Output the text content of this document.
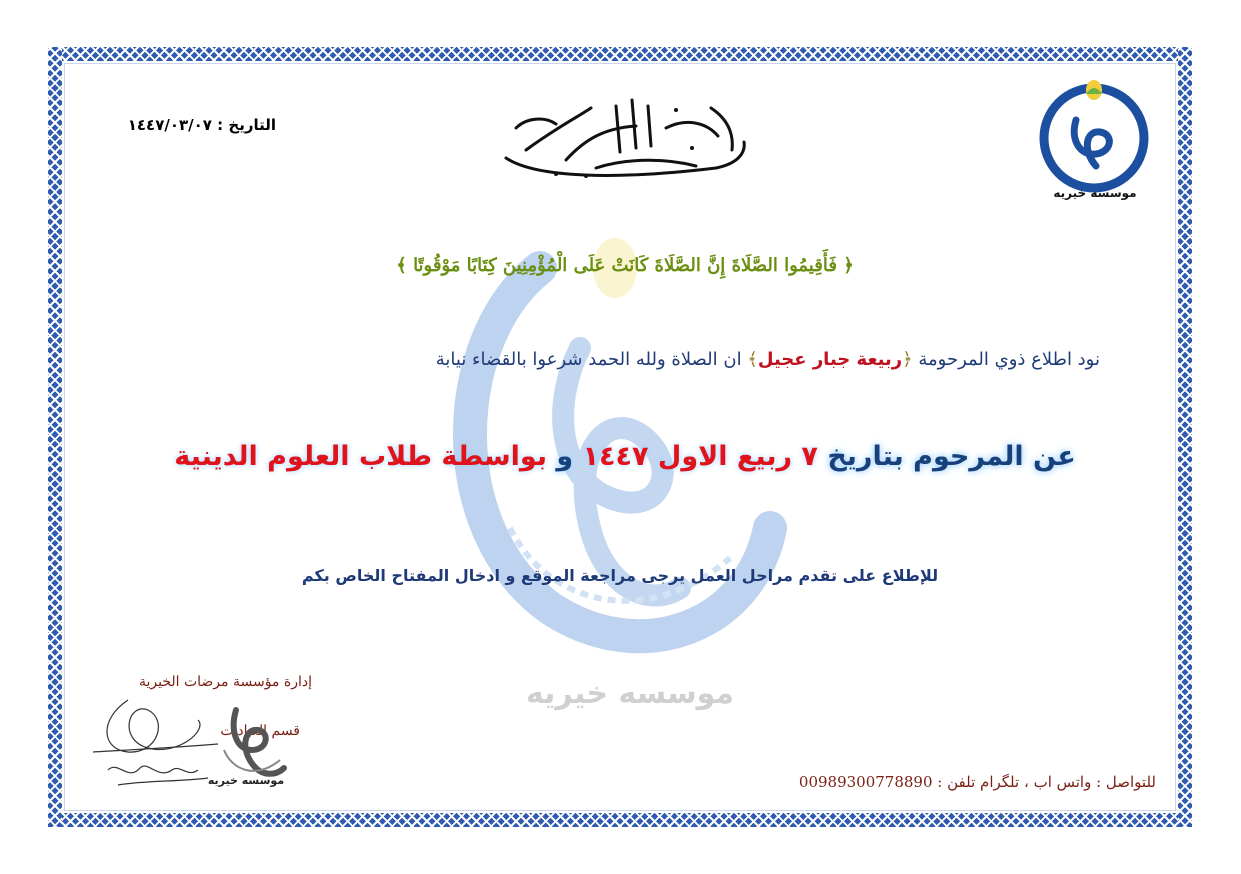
موسسه خيريه
التاريخ : ١٤٤٧/٠٣/٠٧
موسسه خيريه
﴿ فَأَقِيمُوا الصَّلَاةَ إِنَّ الصَّلَاةَ كَانَتْ عَلَى الْمُؤْمِنِينَ كِتَابًا مَوْقُوتًا ﴾
نود اطلاع ذوي المرحومة ﴿ربيعة جبار عجيل﴾ ان الصلاة ولله الحمد شرعوا بالقضاء نيابة
عن المرحوم بتاريخ ٧ ربيع الاول ١٤٤٧ و بواسطة طلاب العلوم الدينية
للإطلاع على تقدم مراحل العمل يرجى مراجعة الموقع و ادخال المفتاح الخاص بكم
إدارة مؤسسة مرضات الخيرية
قسم العبادات
موسسه خيريه	للتواصل : واتس اب ، تلگرام تلفن : 00989300778890
